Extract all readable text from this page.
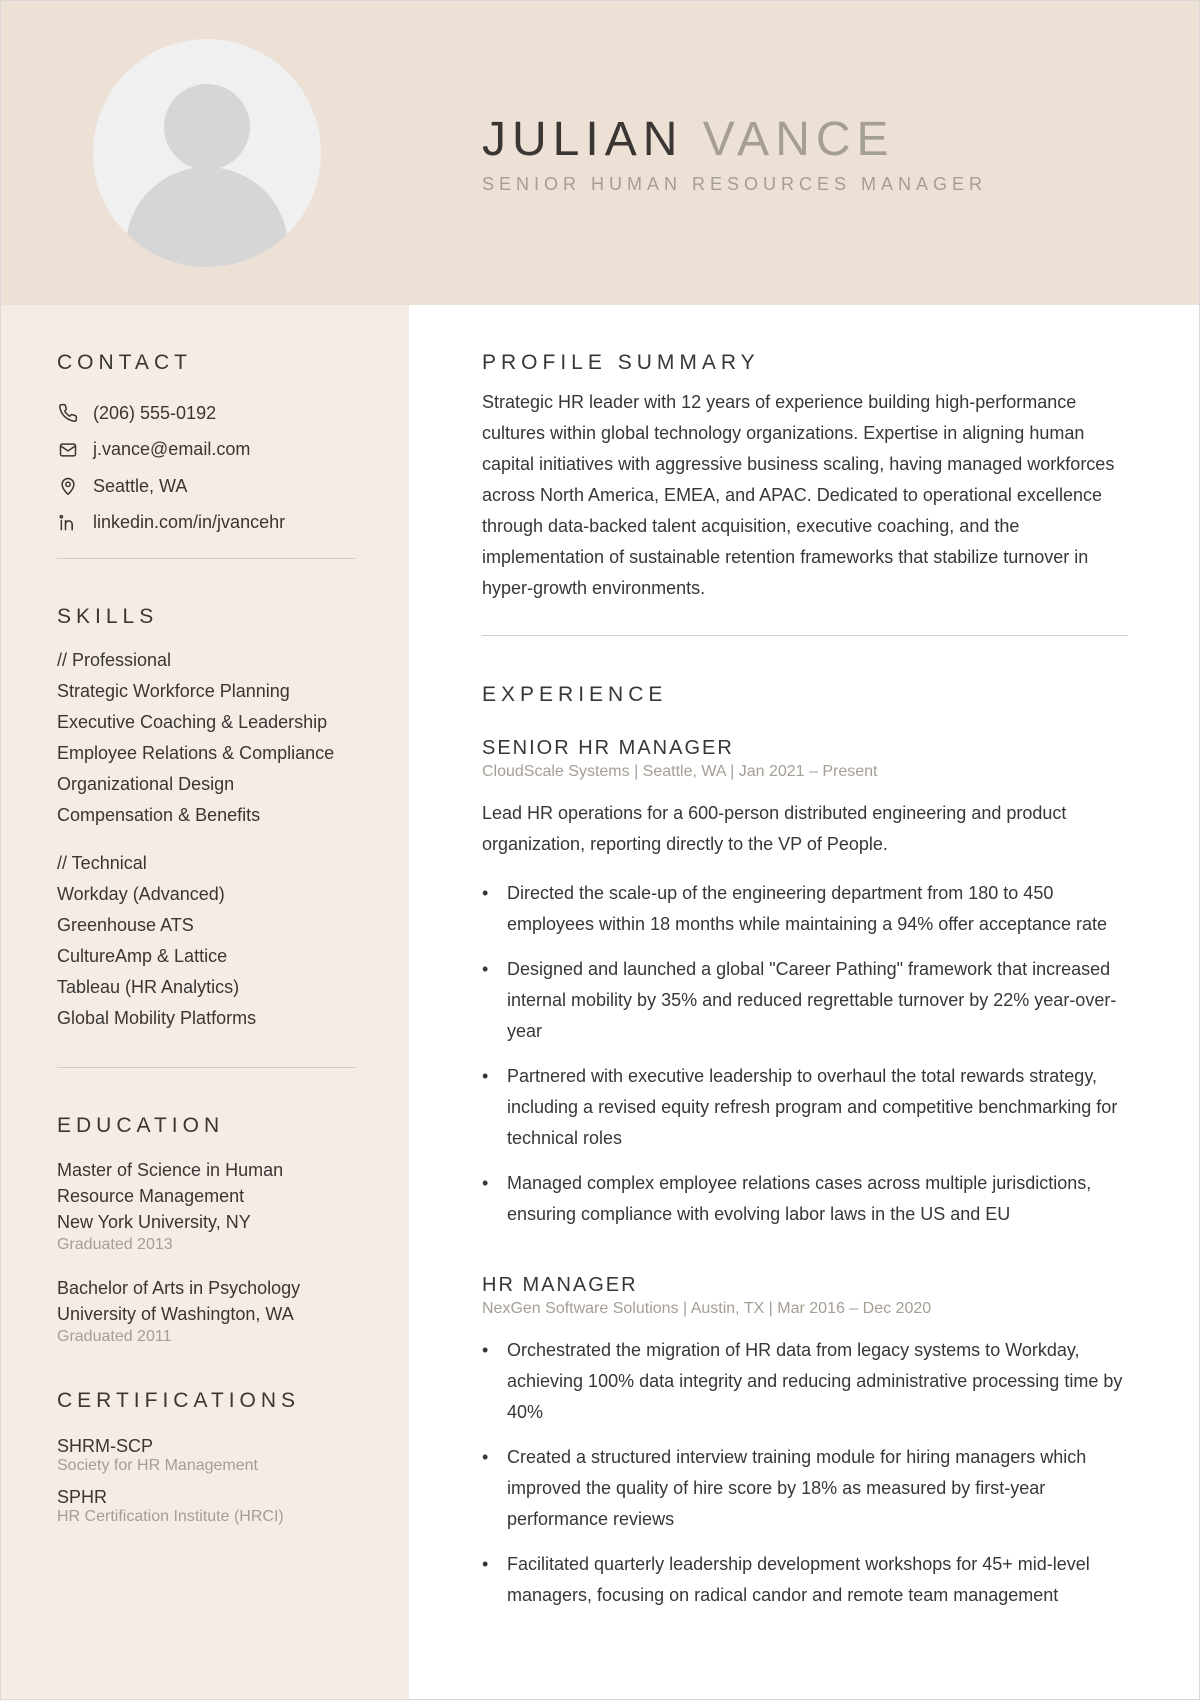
JULIAN VANCE
SENIOR HUMAN RESOURCES MANAGER
CONTACT
(206) 555-0192
j.vance@email.com
Seattle, WA
linkedin.com/in/jvancehr
SKILLS
// Professional
Strategic Workforce Planning
Executive Coaching & Leadership
Employee Relations & Compliance
Organizational Design
Compensation & Benefits
// Technical
Workday (Advanced)
Greenhouse ATS
CultureAmp & Lattice
Tableau (HR Analytics)
Global Mobility Platforms
EDUCATION
Master of Science in Human Resource Management
New York University, NY
Graduated 2013
Bachelor of Arts in Psychology
University of Washington, WA
Graduated 2011
CERTIFICATIONS
SHRM-SCP
Society for HR Management
SPHR
HR Certification Institute (HRCI)
PROFILE SUMMARY

Strategic HR leader with 12 years of experience building high-performance cultures within global technology organizations. Expertise in aligning human capital initiatives with aggressive business scaling, having managed workforces across North America, EMEA, and APAC. Dedicated to operational excellence through data-backed talent acquisition, executive coaching, and the implementation of sustainable retention frameworks that stabilize turnover in hyper-growth environments.

EXPERIENCE
SENIOR HR MANAGER
CloudScale Systems | Seattle, WA | Jan 2021 – Present

Lead HR operations for a 600-person distributed engineering and product organization, reporting directly to the VP of People.

• Directed the scale-up of the engineering department from 180 to 450 employees within 18 months while maintaining a 94% offer acceptance rate
• Designed and launched a global "Career Pathing" framework that increased internal mobility by 35% and reduced regrettable turnover by 22% year-over-year
• Partnered with executive leadership to overhaul the total rewards strategy, including a revised equity refresh program and competitive benchmarking for technical roles
• Managed complex employee relations cases across multiple jurisdictions, ensuring compliance with evolving labor laws in the US and EU
HR MANAGER
NexGen Software Solutions | Austin, TX | Mar 2016 – Dec 2020
• Orchestrated the migration of HR data from legacy systems to Workday, achieving 100% data integrity and reducing administrative processing time by 40%
• Created a structured interview training module for hiring managers which improved the quality of hire score by 18% as measured by first-year performance reviews
• Facilitated quarterly leadership development workshops for 45+ mid-level managers, focusing on radical candor and remote team management
